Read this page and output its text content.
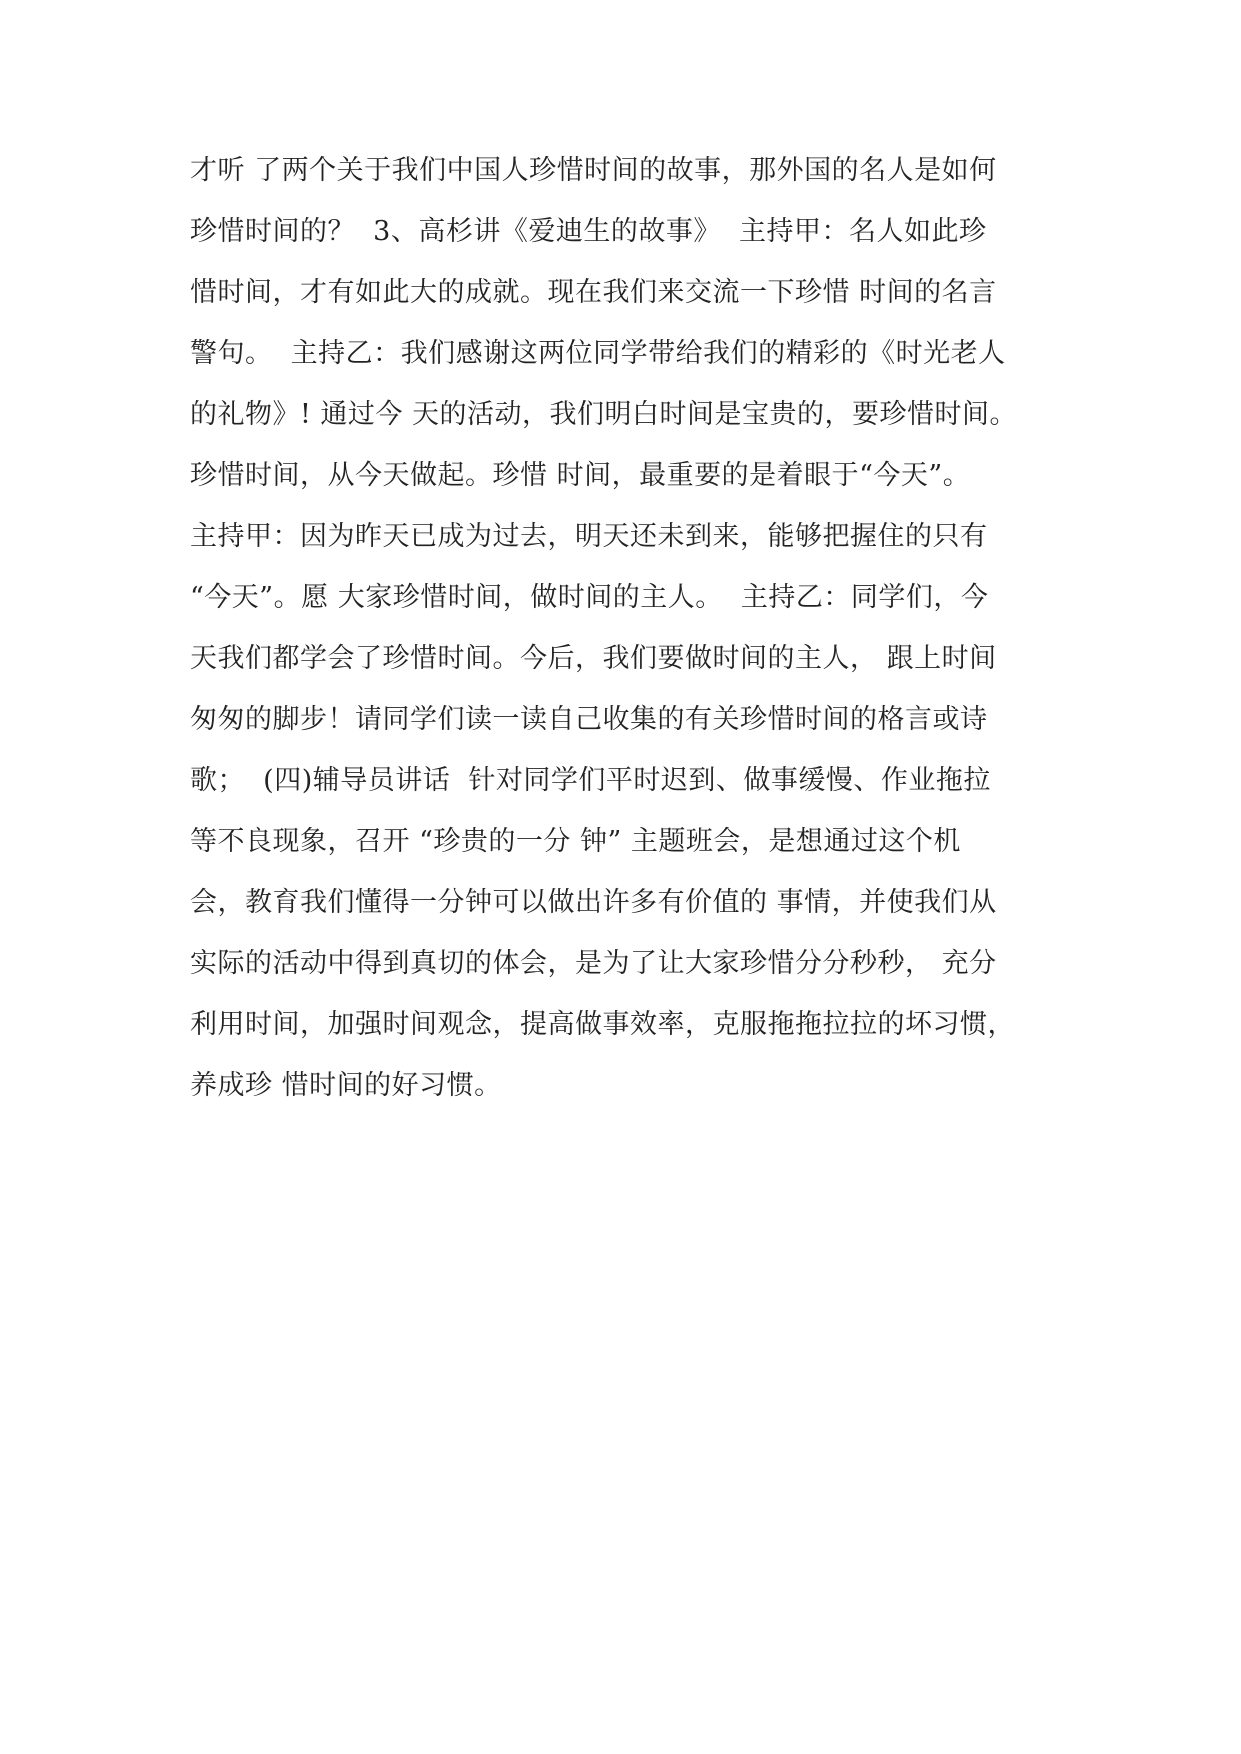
才听 了两个关于我们中国人珍惜时间的故事，那外国的名人是如何
珍惜时间的？  3、高杉讲《爱迪生的故事》  主持甲：名人如此珍
惜时间，才有如此大的成就。现在我们来交流一下珍惜 时间的名言
警句。  主持乙：我们感谢这两位同学带给我们的精彩的《时光老人
的礼物》! 通过今 天的活动，我们明白时间是宝贵的，要珍惜时间。
珍惜时间，从今天做起。珍惜 时间，最重要的是着眼于“今天”。
主持甲：因为昨天已成为过去，明天还未到来，能够把握住的只有
“今天”。愿 大家珍惜时间，做时间的主人。  主持乙：同学们，今
天我们都学会了珍惜时间。今后，我们要做时间的主人， 跟上时间
匆匆的脚步！请同学们读一读自己收集的有关珍惜时间的格言或诗
歌；  (四)辅导员讲话  针对同学们平时迟到、做事缓慢、作业拖拉
等不良现象，召开 “珍贵的一分 钟” 主题班会，是想通过这个机
会，教育我们懂得一分钟可以做出许多有价值的 事情，并使我们从
实际的活动中得到真切的体会，是为了让大家珍惜分分秒秒， 充分
利用时间，加强时间观念，提高做事效率，克服拖拖拉拉的坏习惯，
养成珍 惜时间的好习惯。
